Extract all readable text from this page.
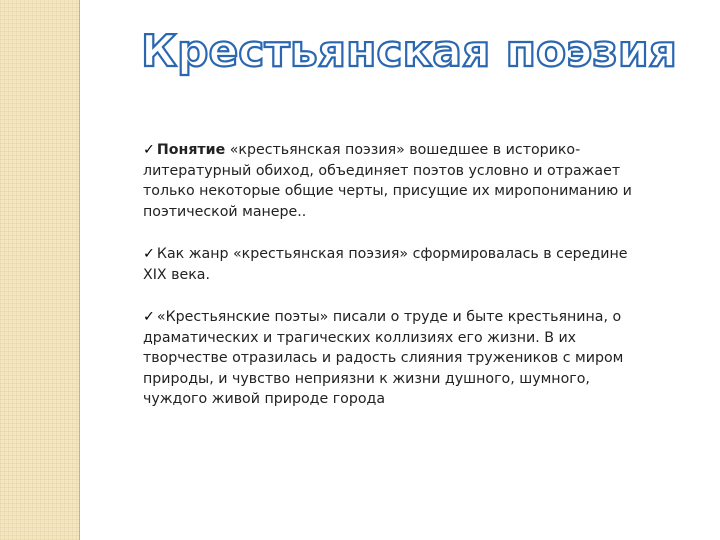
Крестьянская поэзия

✓ Понятие «крестьянская поэзия» вошедшее в историко-литературный обиход, объединяет поэтов условно и отражает только некоторые общие черты, присущие их миропониманию и поэтической манере..

✓ Как жанр «крестьянская поэзия» сформировалась в середине XIX века.

✓ «Крестьянские поэты» писали о труде и быте крестьянина, о драматических и трагических коллизиях его жизни. В их творчестве отразилась и радость слияния тружеников с миром природы, и чувство неприязни к жизни душного, шумного, чуждого живой природе города
